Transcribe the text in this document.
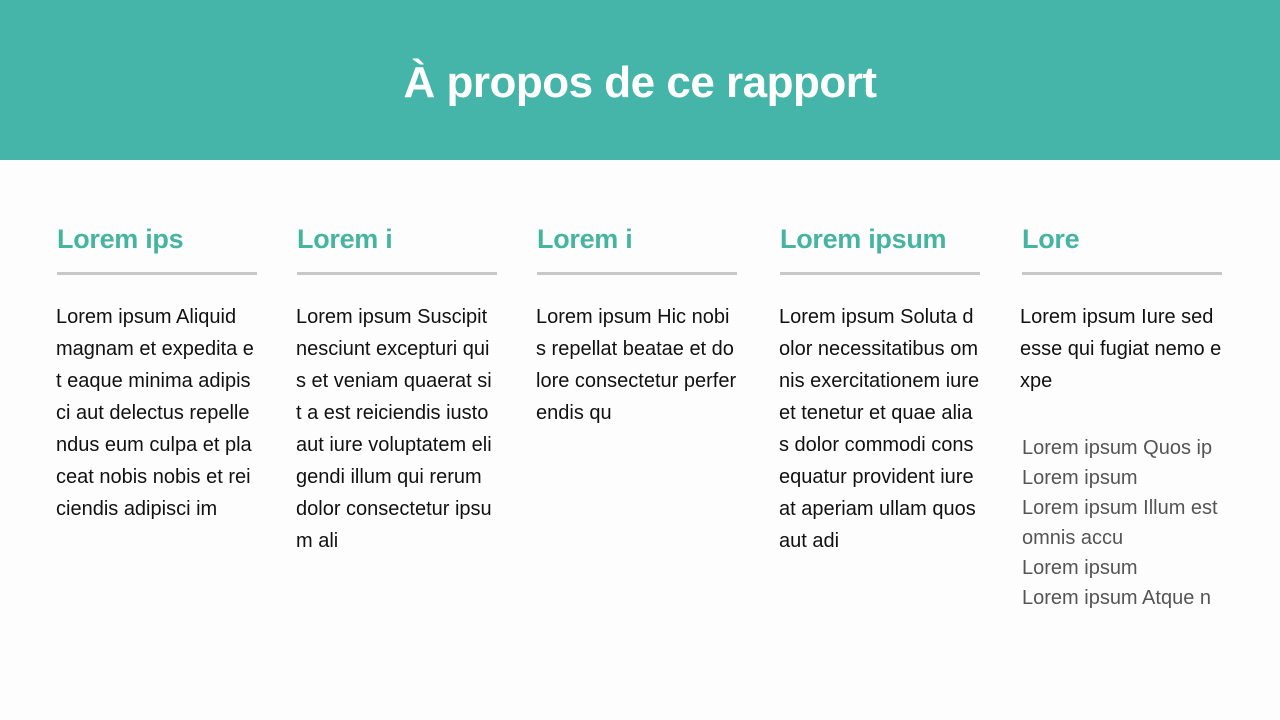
À propos de ce rapport
Lorem ips

Lorem ipsum Aliquid magnam et expedita et eaque minima adipisci aut delectus repellendus eum culpa et placeat nobis nobis et reiciendis adipisci im

Lorem i

Lorem ipsum Suscipit nesciunt excepturi quis et veniam quaerat sit a est reiciendis iusto aut iure voluptatem eligendi illum qui rerum dolor consectetur ipsum ali

Lorem i

Lorem ipsum Hic nobis repellat beatae et dolore consectetur perferendis qu

Lorem ipsum

Lorem ipsum Soluta dolor necessitatibus omnis exercitationem iure et tenetur et quae alias dolor commodi consequatur provident iure at aperiam ullam quos aut adi

Lore

Lorem ipsum Iure sed esse qui fugiat nemo expe

Lorem ipsum Quos ip
Lorem ipsum
Lorem ipsum Illum est omnis accu
Lorem ipsum
Lorem ipsum Atque n
